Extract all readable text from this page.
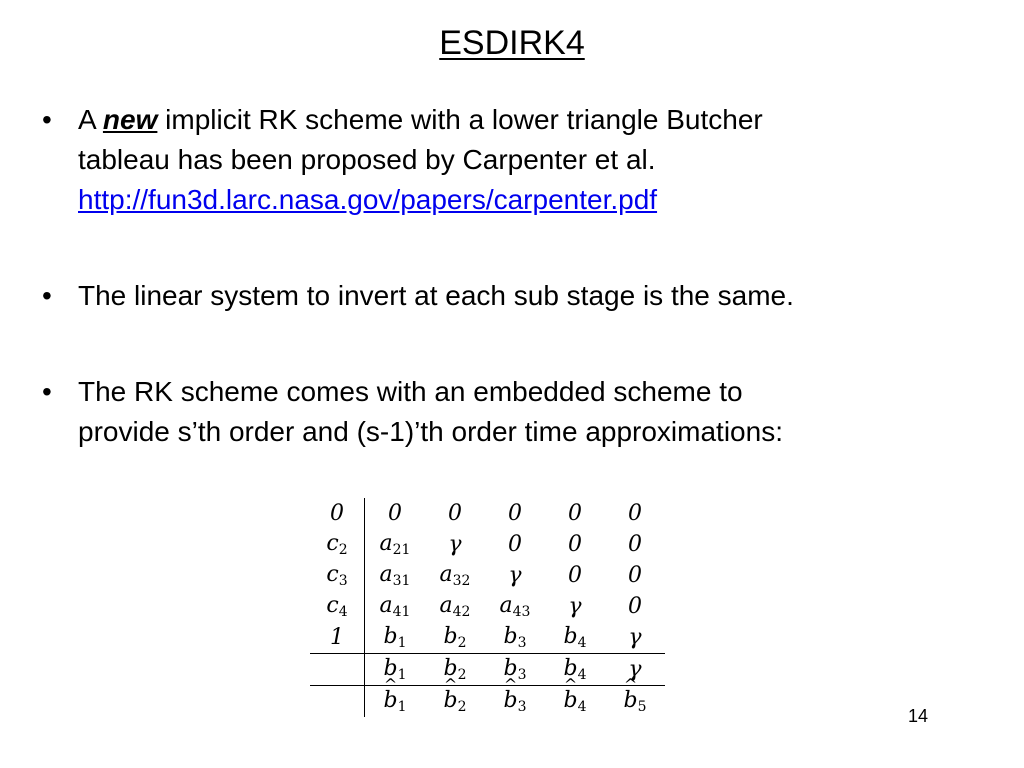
ESDIRK4
• A new implicit RK scheme with a lower triangle Butcher
tableau has been proposed by Carpenter et al.
http://fun3d.larc.nasa.gov/papers/carpenter.pdf
• The linear system to invert at each sub stage is the same.
• The RK scheme comes with an embedded scheme to
provide s’th order and (s-1)’th order time approximations:
0	0	0	0	0	0
$c_2$	$a_{21}$	γ	0	0	0
$c_3$	$a_{31}$	$a_{32}$	γ	0	0
$c_4$	$a_{41}$	$a_{42}$	$a_{43}$	γ	0
1	$b_1$	$b_2$	$b_3$	$b_4$	γ
	$b_1$	$b_2$	$b_3$	$b_4$	γ
	^ $b_1$	^ $b_2$	^ $b_3$	^ $b_4$	^ $b_5$	14
